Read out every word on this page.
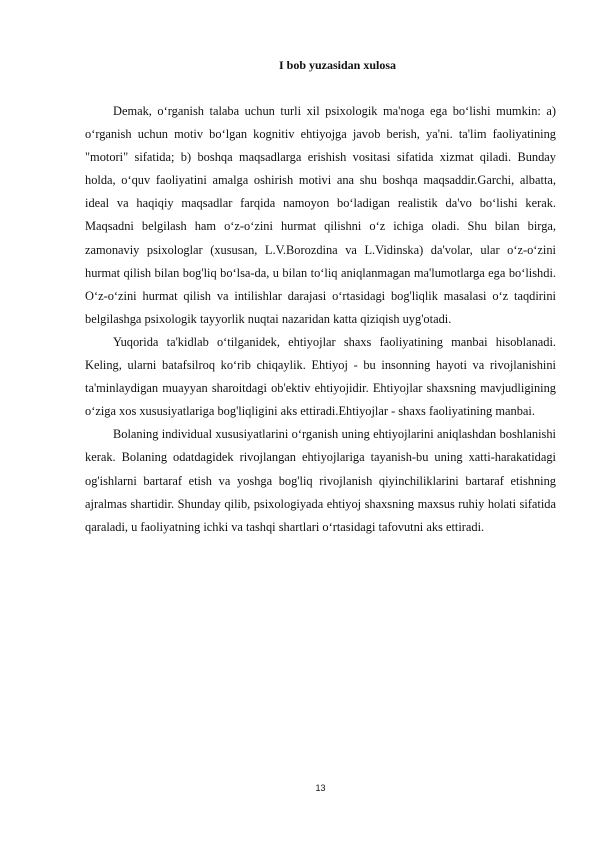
I bob yuzasidan xulosa

Demak, o‘rganish talaba uchun turli xil psixologik ma'noga ega bo‘lishi mumkin: a) o‘rganish uchun motiv bo‘lgan kognitiv ehtiyojga javob berish, ya'ni. ta'lim faoliyatining "motori" sifatida; b) boshqa maqsadlarga erishish vositasi sifatida xizmat qiladi. Bunday holda, o‘quv faoliyatini amalga oshirish motivi ana shu boshqa maqsaddir.Garchi, albatta, ideal va haqiqiy maqsadlar farqida namoyon bo‘ladigan realistik da'vo bo‘lishi kerak. Maqsadni belgilash ham o‘z-o‘zini hurmat qilishni o‘z ichiga oladi. Shu bilan birga, zamonaviy psixologlar (xususan, L.V.Borozdina va L.Vidinska) da'volar, ular o‘z-o‘zini hurmat qilish bilan bog'liq bo‘lsa-da, u bilan to‘liq aniqlanmagan ma'lumotlarga ega bo‘lishdi. O‘z-o‘zini hurmat qilish va intilishlar darajasi o‘rtasidagi bog'liqlik masalasi o‘z taqdirini belgilashga psixologik tayyorlik nuqtai nazaridan katta qiziqish uyg'otadi.

Yuqorida ta'kidlab o‘tilganidek, ehtiyojlar shaxs faoliyatining manbai hisoblanadi. Keling, ularni batafsilroq ko‘rib chiqaylik. Ehtiyoj - bu insonning hayoti va rivojlanishini ta'minlaydigan muayyan sharoitdagi ob'ektiv ehtiyojidir. Ehtiyojlar shaxsning mavjudligining o‘ziga xos xususiyatlariga bog'liqligini aks ettiradi.Ehtiyojlar - shaxs faoliyatining manbai.

Bolaning individual xususiyatlarini o‘rganish uning ehtiyojlarini aniqlashdan boshlanishi kerak. Bolaning odatdagidek rivojlangan ehtiyojlariga tayanish-bu uning xatti-harakatidagi og'ishlarni bartaraf etish va yoshga bog'liq rivojlanish qiyinchiliklarini bartaraf etishning ajralmas shartidir. Shunday qilib, psixologiyada ehtiyoj shaxsning maxsus ruhiy holati sifatida qaraladi, u faoliyatning ichki va tashqi shartlari o‘rtasidagi tafovutni aks ettiradi.

13
